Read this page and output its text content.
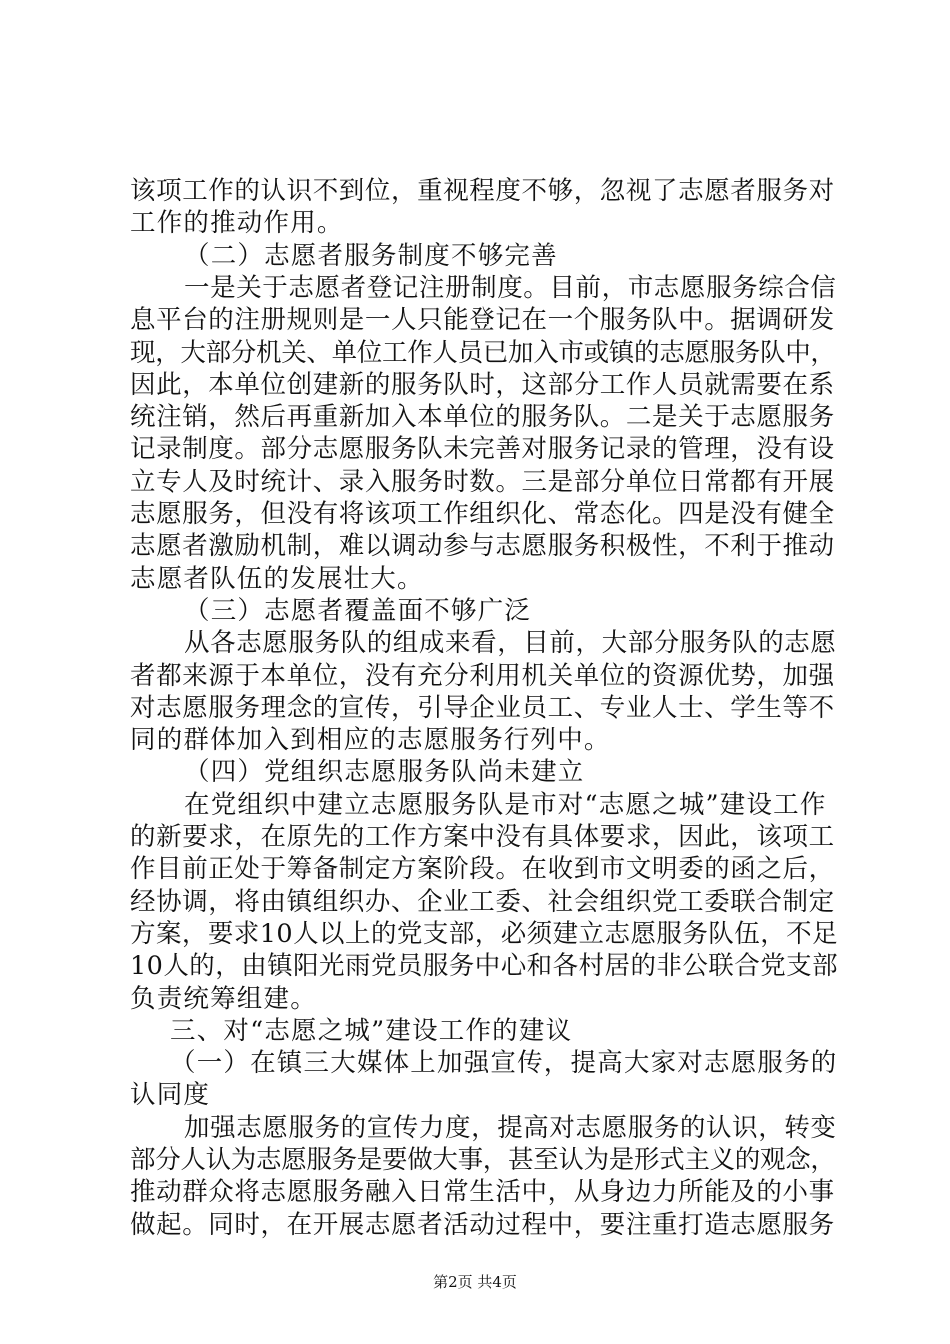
该项工作的认识不到位，重视程度不够，忽视了志愿者服务对
工作的推动作用。
（二）志愿者服务制度不够完善
一是关于志愿者登记注册制度。目前，市志愿服务综合信
息平台的注册规则是一人只能登记在一个服务队中。据调研发
现，大部分机关、单位工作人员已加入市或镇的志愿服务队中，
因此，本单位创建新的服务队时，这部分工作人员就需要在系
统注销，然后再重新加入本单位的服务队。二是关于志愿服务
记录制度。部分志愿服务队未完善对服务记录的管理，没有设
立专人及时统计、录入服务时数。三是部分单位日常都有开展
志愿服务，但没有将该项工作组织化、常态化。四是没有健全
志愿者激励机制，难以调动参与志愿服务积极性，不利于推动
志愿者队伍的发展壮大。
（三）志愿者覆盖面不够广泛
从各志愿服务队的组成来看，目前，大部分服务队的志愿
者都来源于本单位，没有充分利用机关单位的资源优势，加强
对志愿服务理念的宣传，引导企业员工、专业人士、学生等不
同的群体加入到相应的志愿服务行列中。
（四）党组织志愿服务队尚未建立
在党组织中建立志愿服务队是市对“志愿之城”建设工作
的新要求，在原先的工作方案中没有具体要求，因此，该项工
作目前正处于筹备制定方案阶段。在收到市文明委的函之后，
经协调，将由镇组织办、企业工委、社会组织党工委联合制定
方案，要求10人以上的党支部，必须建立志愿服务队伍，不足
10人的，由镇阳光雨党员服务中心和各村居的非公联合党支部
负责统筹组建。
三、对“志愿之城”建设工作的建议
（一）在镇三大媒体上加强宣传，提高大家对志愿服务的
认同度
加强志愿服务的宣传力度，提高对志愿服务的认识，转变
部分人认为志愿服务是要做大事，甚至认为是形式主义的观念，
推动群众将志愿服务融入日常生活中，从身边力所能及的小事
做起。同时，在开展志愿者活动过程中，要注重打造志愿服务
第2页 共4页
